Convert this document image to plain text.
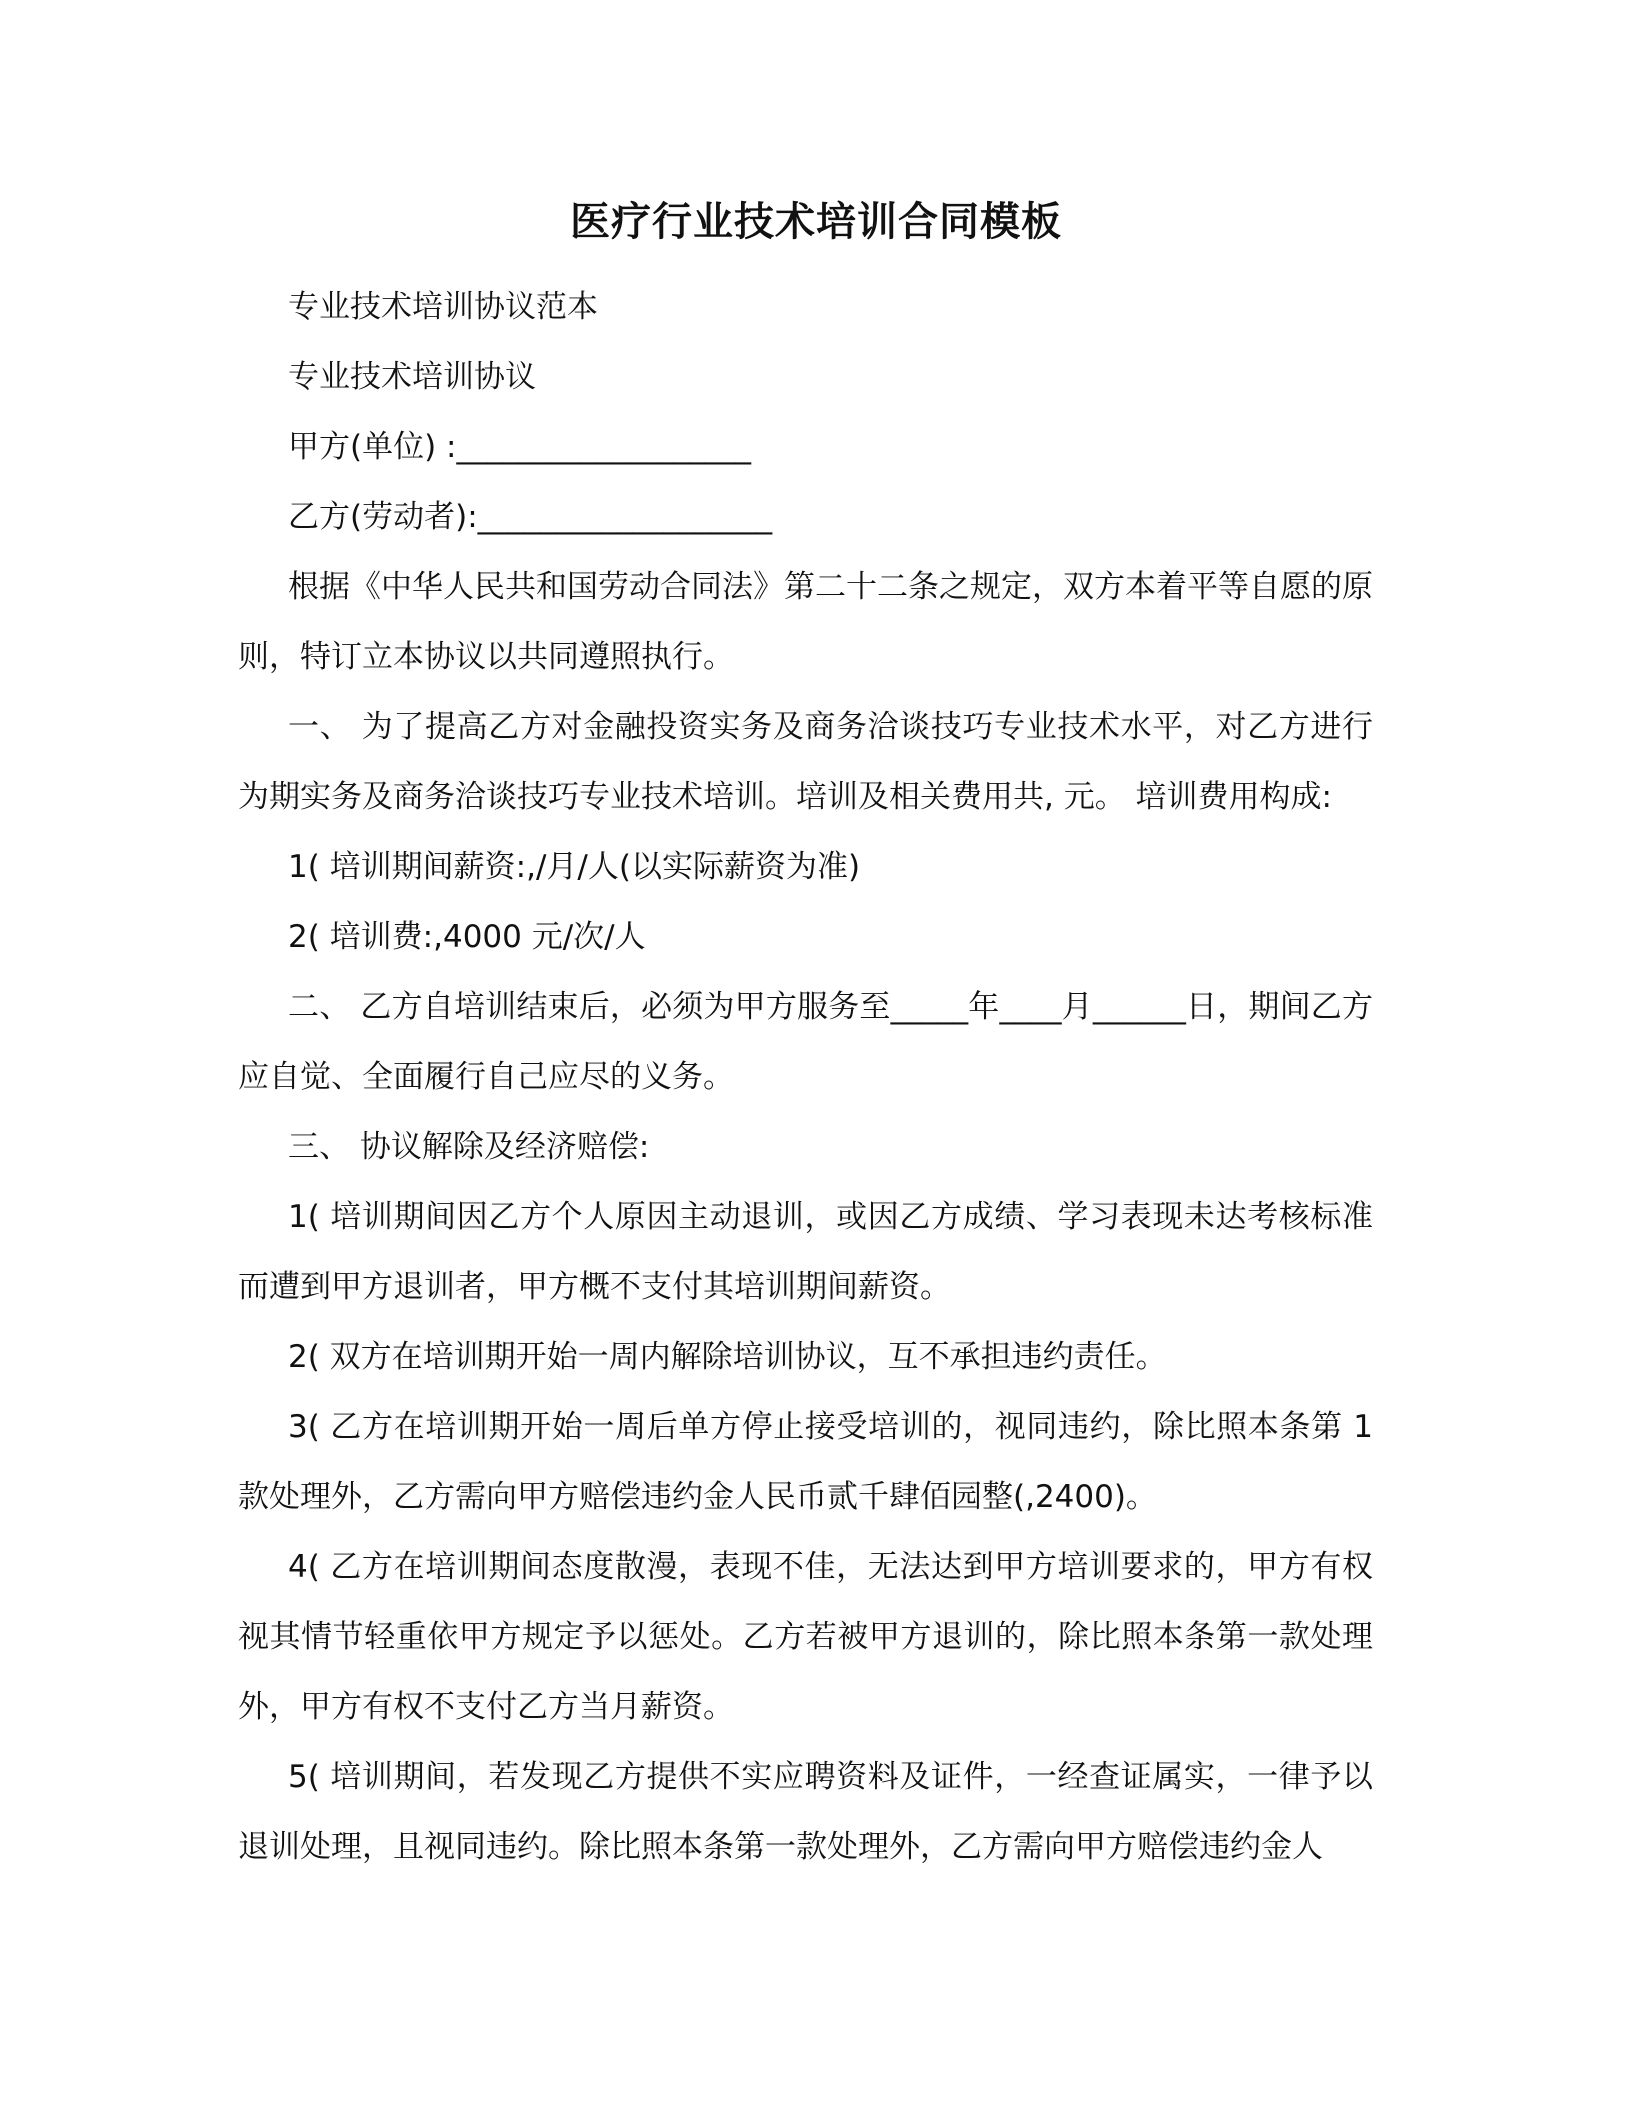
医疗行业技术培训合同模板

专业技术培训协议范本

专业技术培训协议

甲方(单位) :___________________

乙方(劳动者):___________________

根据《中华人民共和国劳动合同法》第二十二条之规定，双方本着平等自愿的原则，特订立本协议以共同遵照执行。

一、 为了提高乙方对金融投资实务及商务洽谈技巧专业技术水平，对乙方进行为期实务及商务洽谈技巧专业技术培训。培训及相关费用共, 元。 培训费用构成:

1( 培训期间薪资:,/月/人(以实际薪资为准)

2( 培训费:,4000 元/次/人

二、 乙方自培训结束后，必须为甲方服务至_____年____月______日，期间乙方应自觉、全面履行自己应尽的义务。

三、 协议解除及经济赔偿:

1( 培训期间因乙方个人原因主动退训，或因乙方成绩、学习表现未达考核标准而遭到甲方退训者，甲方概不支付其培训期间薪资。

2( 双方在培训期开始一周内解除培训协议，互不承担违约责任。

3( 乙方在培训期开始一周后单方停止接受培训的，视同违约，除比照本条第 1款处理外，乙方需向甲方赔偿违约金人民币贰千肆佰园整(,2400)。

4( 乙方在培训期间态度散漫，表现不佳，无法达到甲方培训要求的，甲方有权视其情节轻重依甲方规定予以惩处。乙方若被甲方退训的，除比照本条第一款处理外，甲方有权不支付乙方当月薪资。

5( 培训期间，若发现乙方提供不实应聘资料及证件，一经查证属实，一律予以退训处理，且视同违约。除比照本条第一款处理外，乙方需向甲方赔偿违约金人
